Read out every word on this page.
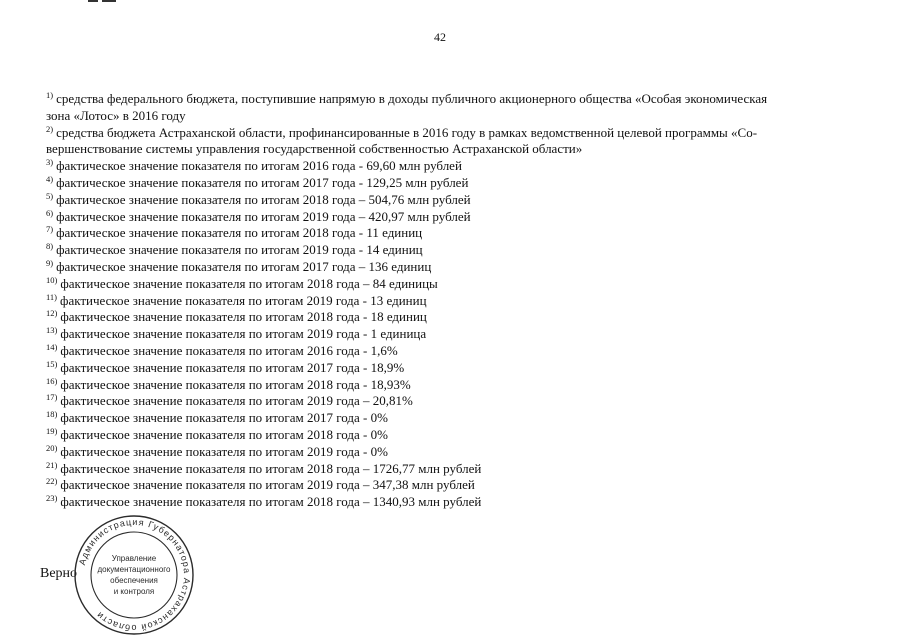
42
$^{1)}$ средства федерального бюджета, поступившие напрямую в доходы публичного акционерного общества «Особая экономическая
зона «Лотос» в 2016 году
$^{2)}$ средства бюджета Астраханской области, профинансированные в 2016 году в рамках ведомственной целевой программы «Со-
вершенствование системы управления государственной собственностью Астраханской области»
$^{3)}$ фактическое значение показателя по итогам 2016 года - 69,60 млн рублей
$^{4)}$ фактическое значение показателя по итогам 2017 года - 129,25 млн рублей
$^{5)}$ фактическое значение показателя по итогам 2018 года – 504,76 млн рублей
$^{6)}$ фактическое значение показателя по итогам 2019 года – 420,97 млн рублей
$^{7)}$ фактическое значение показателя по итогам 2018 года - 11 единиц
$^{8)}$ фактическое значение показателя по итогам 2019 года - 14 единиц
$^{9)}$ фактическое значение показателя по итогам 2017 года – 136 единиц
$^{10)}$ фактическое значение показателя по итогам 2018 года – 84 единицы
$^{11)}$ фактическое значение показателя по итогам 2019 года - 13 единиц
$^{12)}$ фактическое значение показателя по итогам 2018 года - 18 единиц
$^{13)}$ фактическое значение показателя по итогам 2019 года - 1 единица
$^{14)}$ фактическое значение показателя по итогам 2016 года - 1,6%
$^{15)}$ фактическое значение показателя по итогам 2017 года - 18,9%
$^{16)}$ фактическое значение показателя по итогам 2018 года - 18,93%
$^{17)}$ фактическое значение показателя по итогам 2019 года – 20,81%
$^{18)}$ фактическое значение показателя по итогам 2017 года - 0%
$^{19)}$ фактическое значение показателя по итогам 2018 года - 0%
$^{20)}$ фактическое значение показателя по итогам 2019 года - 0%
$^{21)}$ фактическое значение показателя по итогам 2018 года – 1726,77 млн рублей
$^{22)}$ фактическое значение показателя по итогам 2019 года – 347,38 млн рублей
$^{23)}$ фактическое значение показателя по итогам 2018 года – 1340,93 млн рублей
Верно
Администрация Губернатора Астраханской области
Управление
документационного
обеспечения
и контроля
